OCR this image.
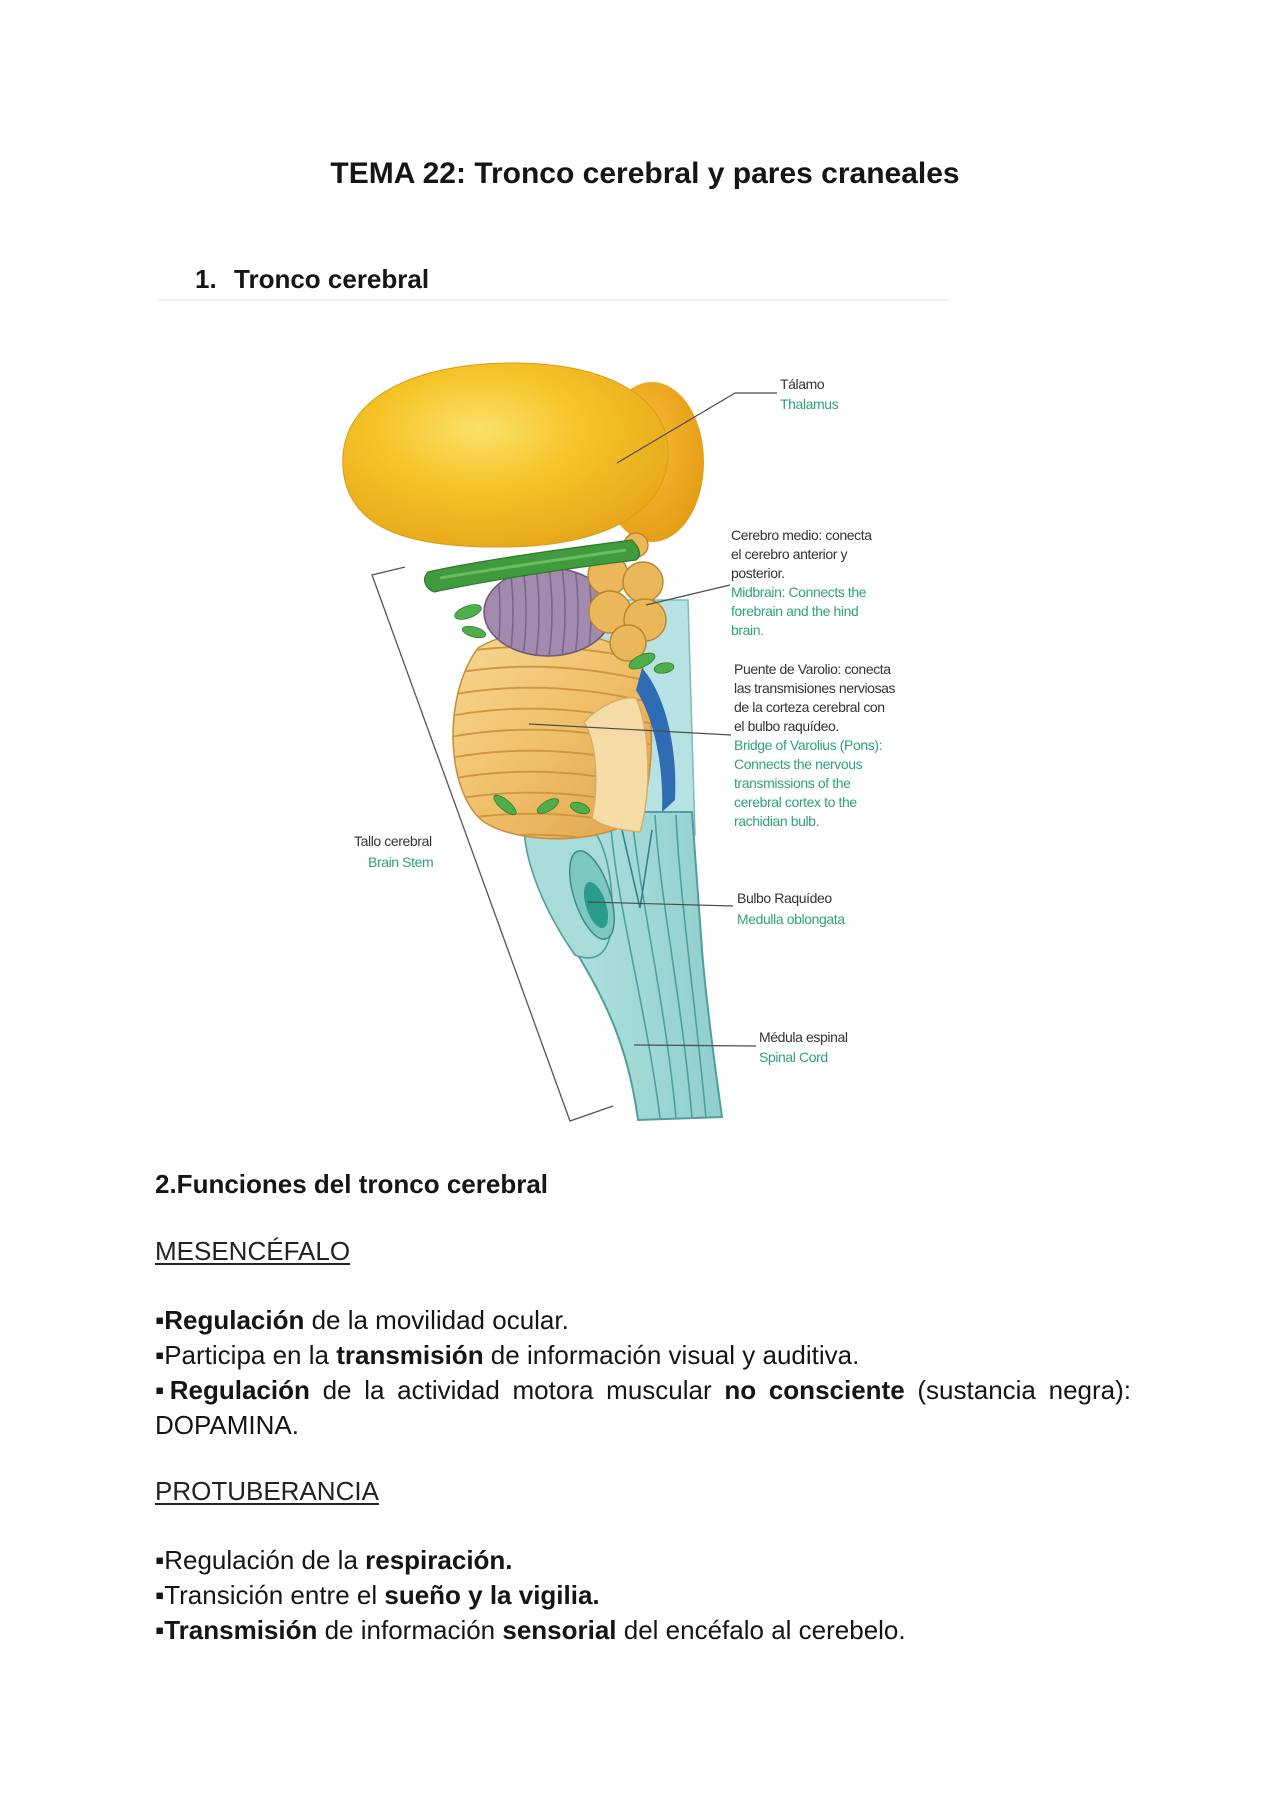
TEMA 22: Tronco cerebral y pares craneales
1. Tronco cerebral
Tálamo
Thalamus
Cerebro medio: conecta
el cerebro anterior y
posterior.
Midbrain: Connects the
forebrain and the hind
brain.
Puente de Varolio: conecta
las transmisiones nerviosas
de la corteza cerebral con
el bulbo raquídeo.
Bridge of Varolius (Pons):
Connects the nervous
transmissions of the
cerebral cortex to the
rachidian bulb.
Tallo cerebral
Brain Stem
Bulbo Raquídeo
Medulla oblongata
Médula espinal
Spinal Cord
2.Funciones del tronco cerebral
MESENCÉFALO
▪Regulación de la movilidad ocular.
▪Participa en la transmisión de información visual y auditiva.
▪Regulación de la actividad motora muscular no consciente (sustancia negra): DOPAMINA.
PROTUBERANCIA
▪Regulación de la respiración.
▪Transición entre el sueño y la vigilia.
▪Transmisión de información sensorial del encéfalo al cerebelo.
